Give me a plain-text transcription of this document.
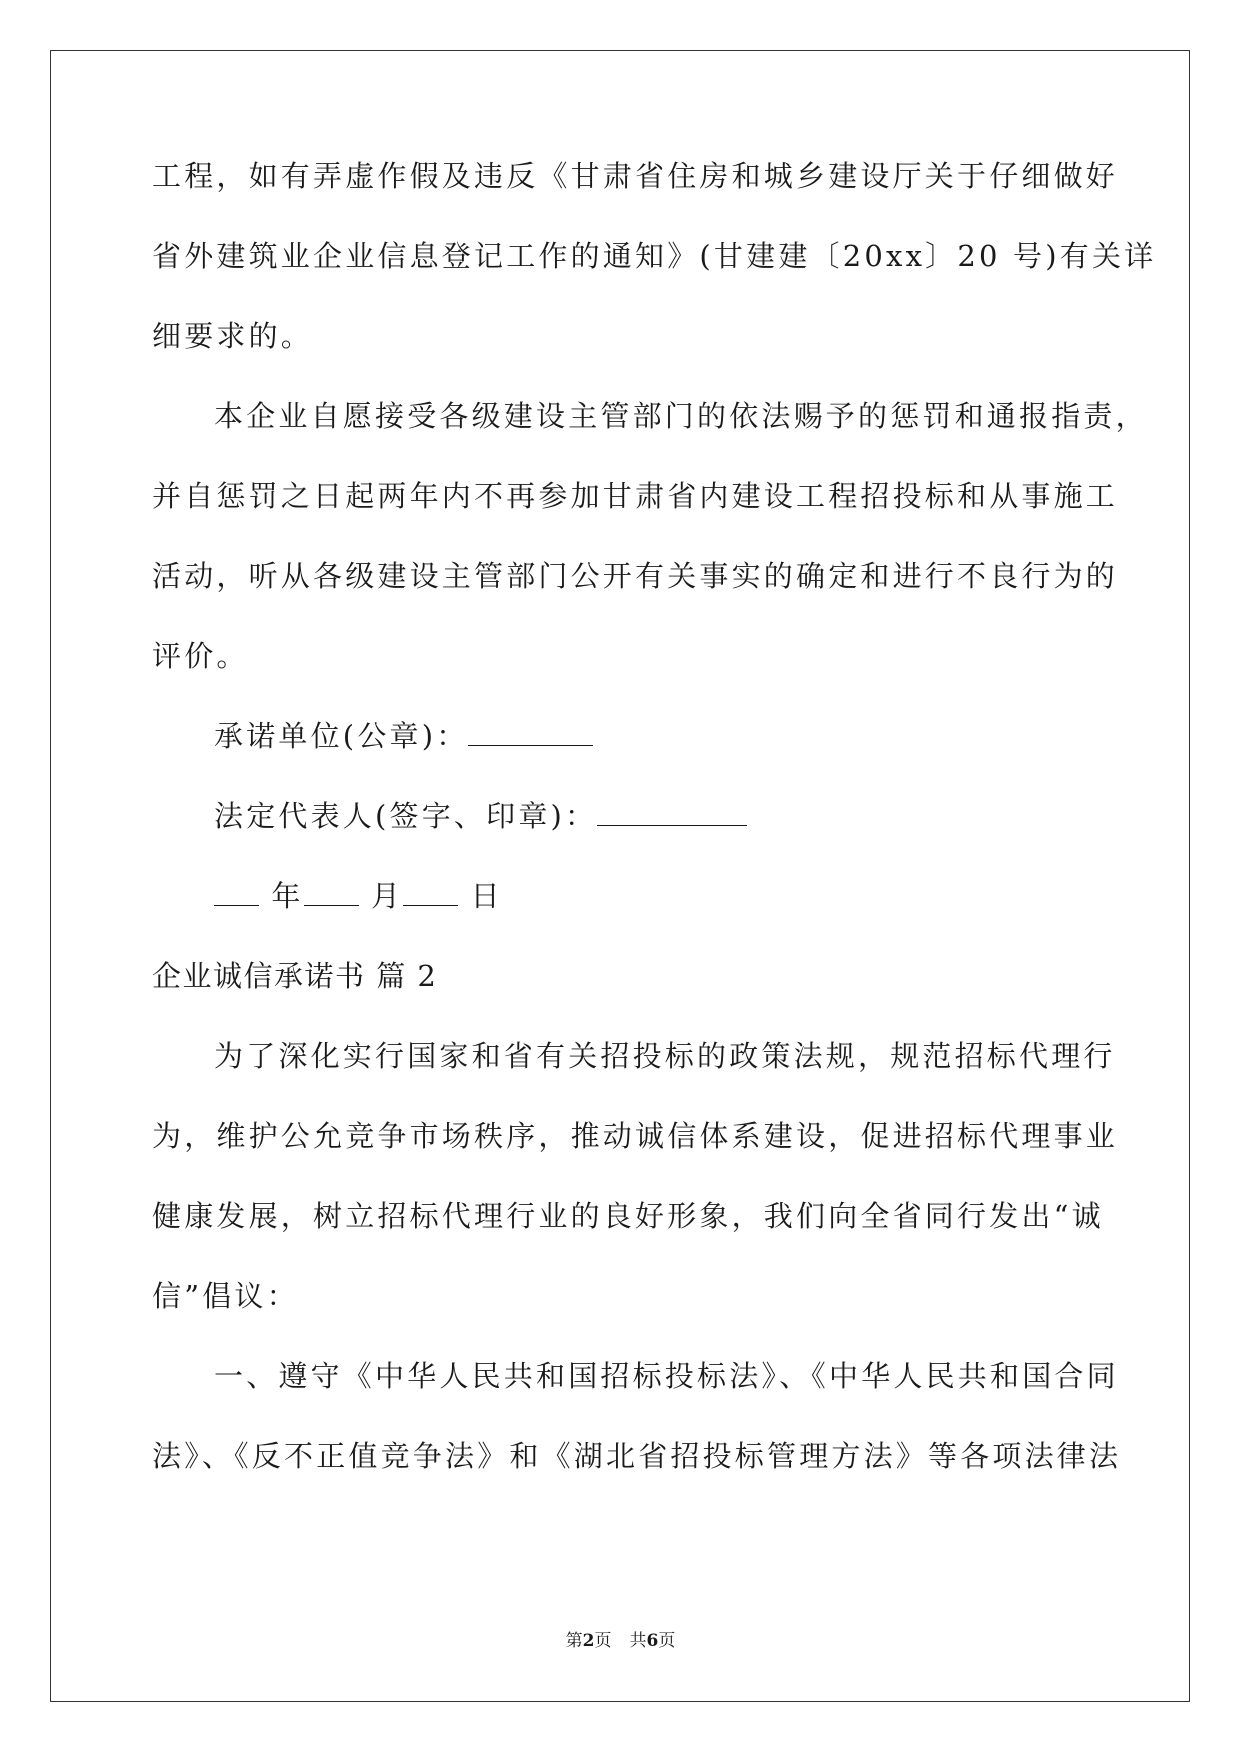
工程，如有弄虚作假及违反《甘肃省住房和城乡建设厅关于仔细做好

省外建筑业企业信息登记工作的通知》(甘建建〔20xx〕20 号)有关详

细要求的。

本企业自愿接受各级建设主管部门的依法赐予的惩罚和通报指责，

并自惩罚之日起两年内不再参加甘肃省内建设工程招投标和从事施工

活动，听从各级建设主管部门公开有关事实的确定和进行不良行为的

评价。

承诺单位(公章)：

法定代表人(签字、印章)：

年 月 日

企业诚信承诺书 篇 2

为了深化实行国家和省有关招投标的政策法规，规范招标代理行

为，维护公允竞争市场秩序，推动诚信体系建设，促进招标代理事业

健康发展，树立招标代理行业的良好形象，我们向全省同行发出“诚

信”倡议：

一、遵守《中华人民共和国招标投标法》、《中华人民共和国合同

法》、《反不正值竞争法》和《湖北省招投标管理方法》等各项法律法

第2页 共6页
